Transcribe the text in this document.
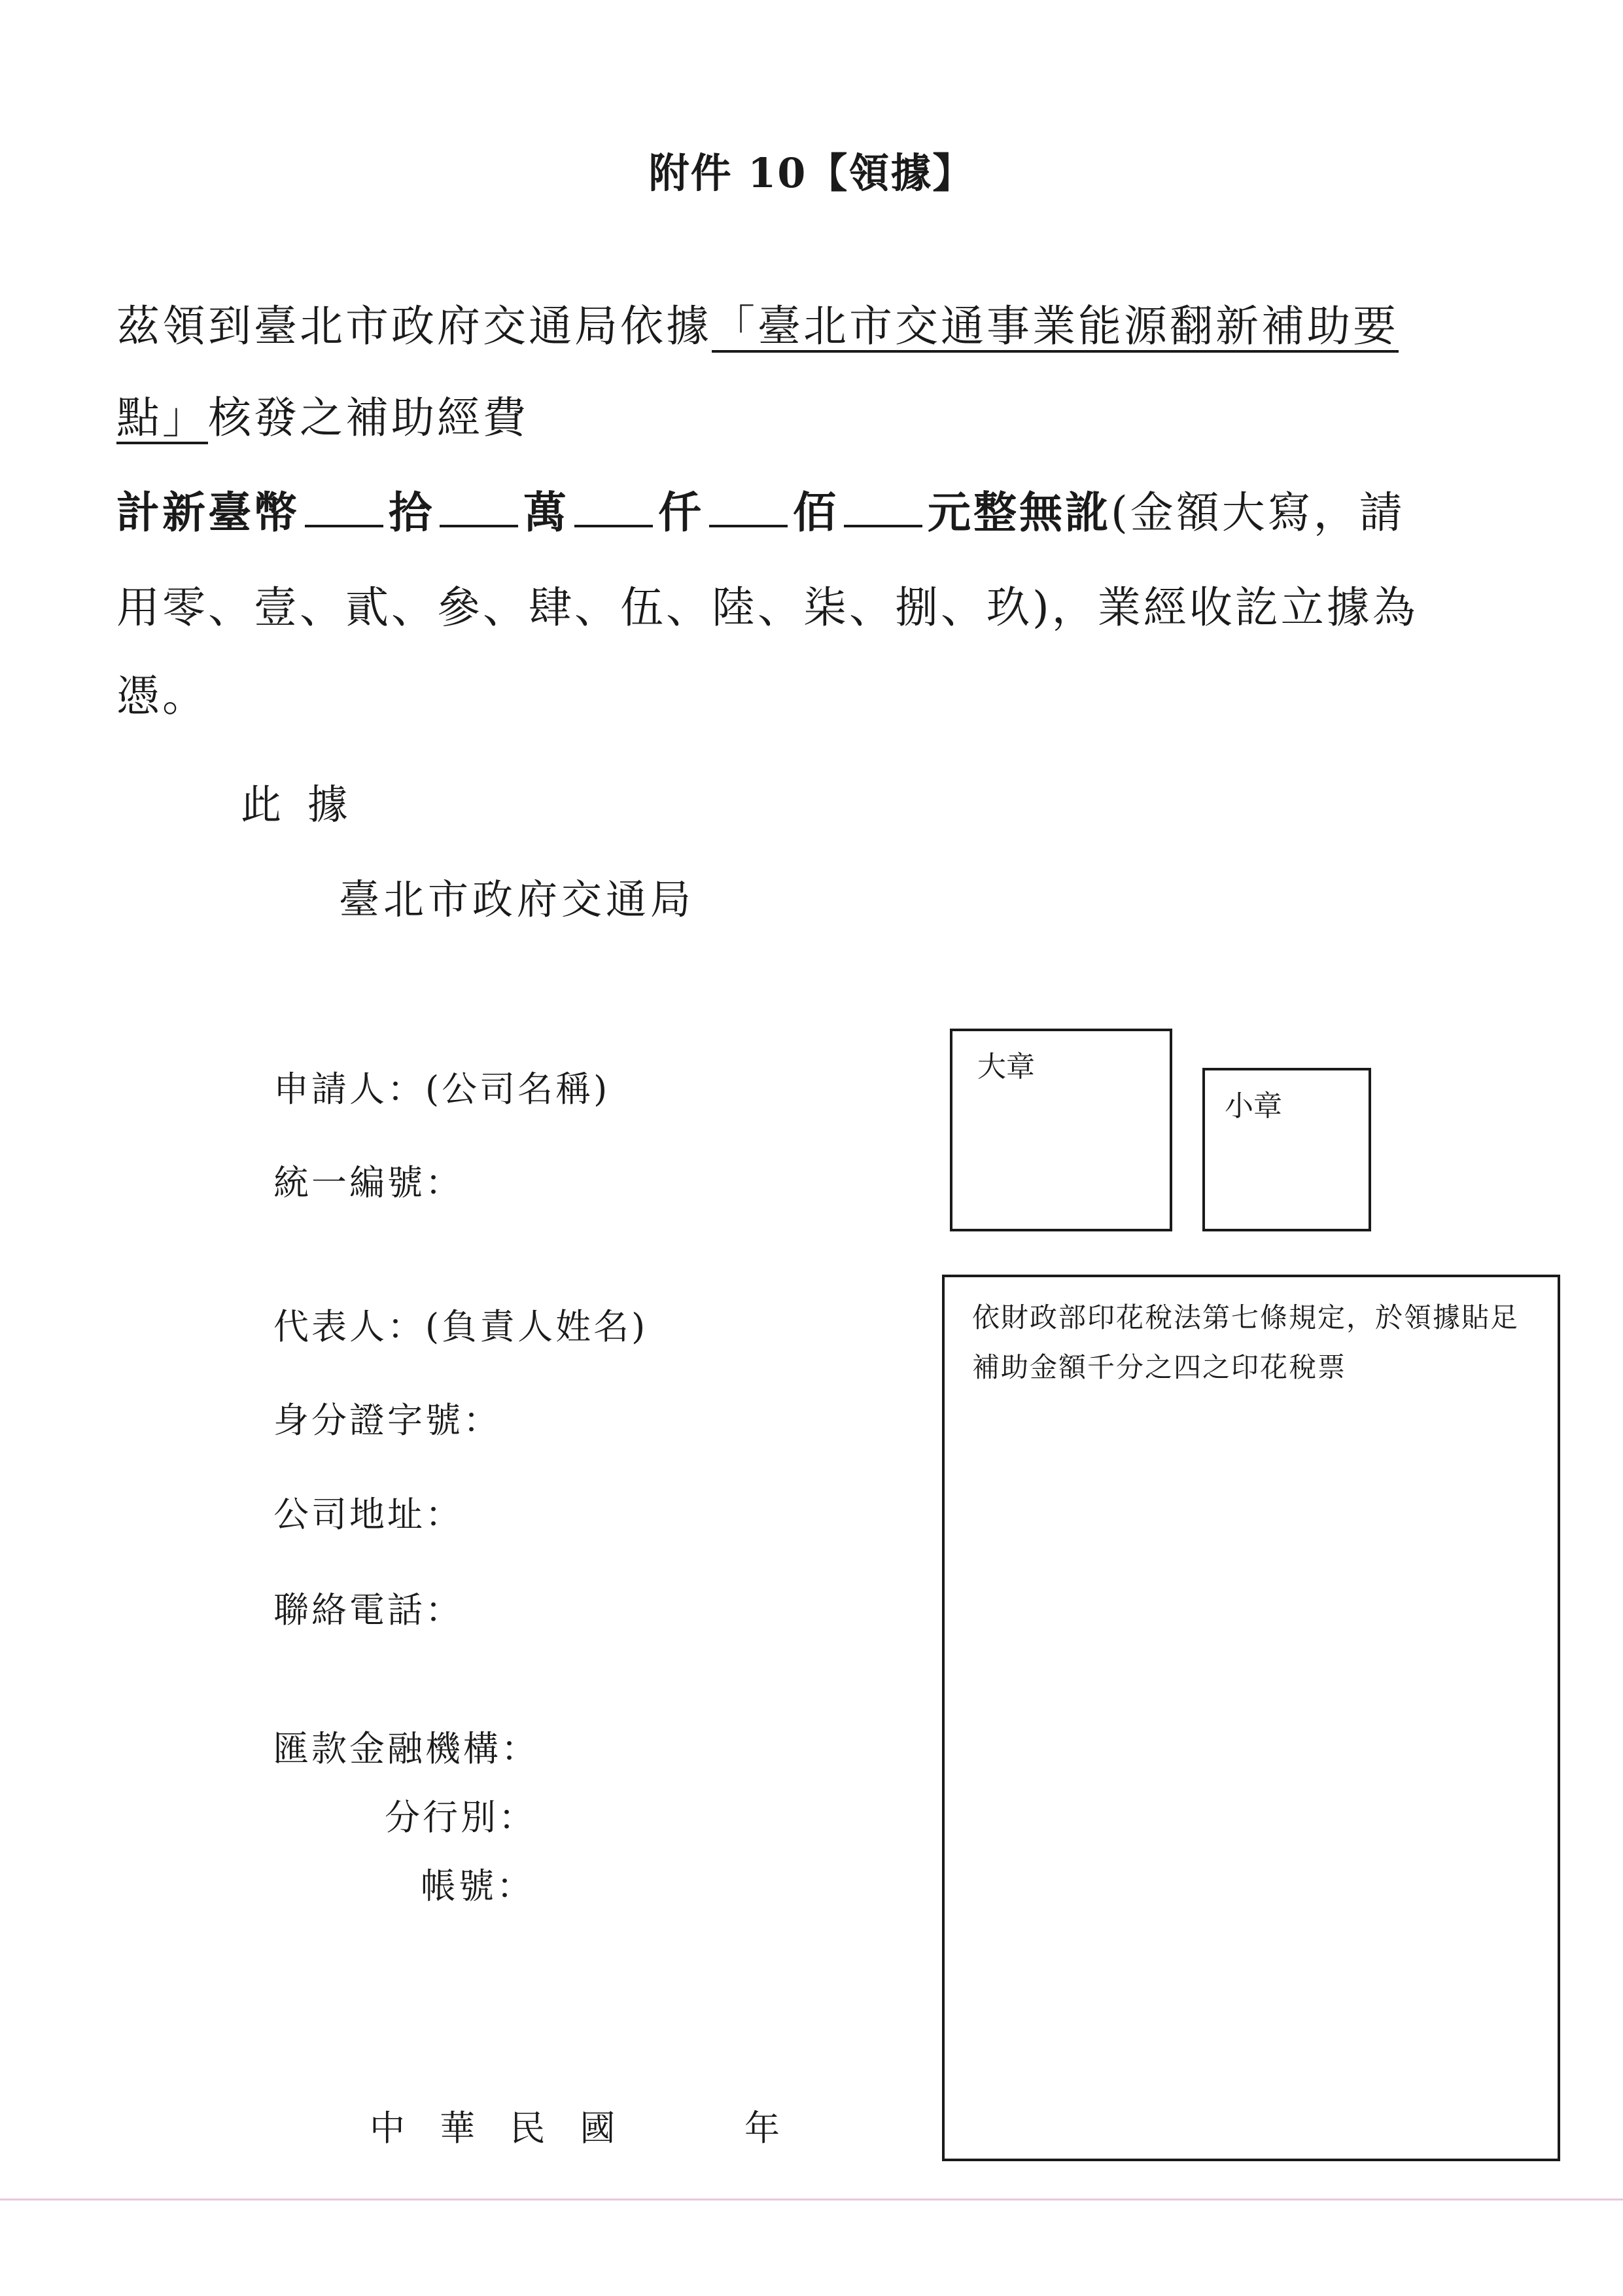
附件 10【領據】
茲領到臺北市政府交通局依據「臺北市交通事業能源翻新補助要
點」核發之補助經費
計新臺幣 拾 萬 仟 佰 元整無訛(金額大寫，請
用零、壹、貳、參、肆、伍、陸、柒、捌、玖)，業經收訖立據為
憑。
此 據
臺北市政府交通局
申請人：(公司名稱)
統一編號：
代表人：(負責人姓名)
身分證字號：
公司地址：
聯絡電話：
匯款金融機構：
分行別：
帳號：
大章
小章
依財政部印花稅法第七條規定，於領據貼足補助金額千分之四之印花稅票
中 華 民 國	年
